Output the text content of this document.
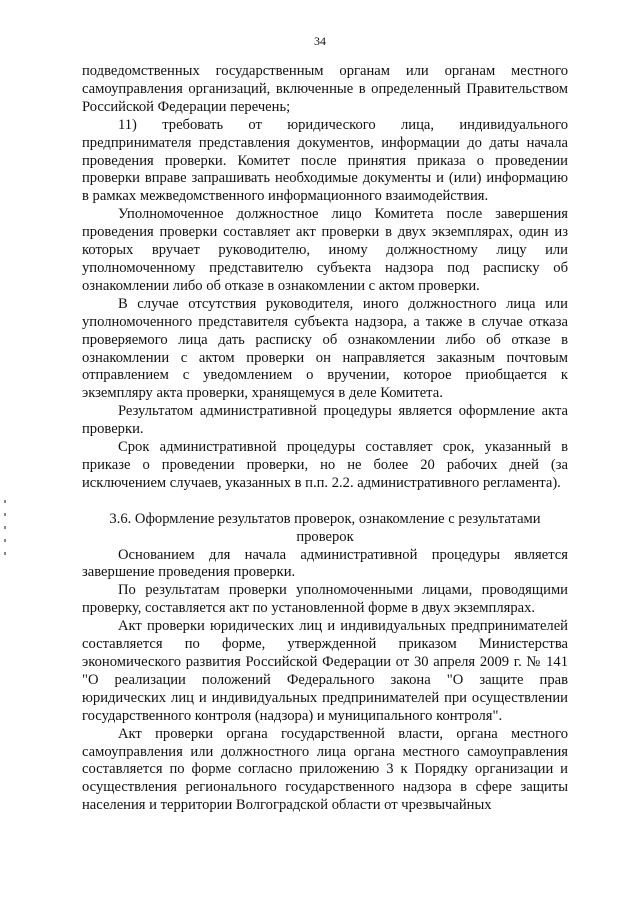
34

подведомственных государственным органам или органам местного самоуправления организаций, включенные в определенный Правительством Российской Федерации перечень;

11) требовать от юридического лица, индивидуального предпринимателя представления документов, информации до даты начала проведения проверки. Комитет после принятия приказа о проведении проверки вправе запрашивать необходимые документы и (или) информацию в рамках межведомственного информационного взаимодействия.

Уполномоченное должностное лицо Комитета после завершения проведения проверки составляет акт проверки в двух экземплярах, один из которых вручает руководителю, иному должностному лицу или уполномоченному представителю субъекта надзора под расписку об ознакомлении либо об отказе в ознакомлении с актом проверки.

В случае отсутствия руководителя, иного должностного лица или уполномоченного представителя субъекта надзора, а также в случае отказа проверяемого лица дать расписку об ознакомлении либо об отказе в ознакомлении с актом проверки он направляется заказным почтовым отправлением с уведомлением о вручении, которое приобщается к экземпляру акта проверки, хранящемуся в деле Комитета.

Результатом административной процедуры является оформление акта проверки.

Срок административной процедуры составляет срок, указанный в приказе о проведении проверки, но не более 20 рабочих дней (за исключением случаев, указанных в п.п. 2.2. административного регламента).

3.6. Оформление результатов проверок, ознакомление с результатами проверок

Основанием для начала административной процедуры является завершение проведения проверки.

По результатам проверки уполномоченными лицами, проводящими проверку, составляется акт по установленной форме в двух экземплярах.

Акт проверки юридических лиц и индивидуальных предпринимателей составляется по форме, утвержденной приказом Министерства экономического развития Российской Федерации от 30 апреля 2009 г. № 141 "О реализации положений Федерального закона "О защите прав юридических лиц и индивидуальных предпринимателей при осуществлении государственного контроля (надзора) и муниципального контроля".

Акт проверки органа государственной власти, органа местного самоуправления или должностного лица органа местного самоуправления составляется по форме согласно приложению 3 к Порядку организации и осуществления регионального государственного надзора в сфере защиты населения и территории Волгоградской области от чрезвычайных
